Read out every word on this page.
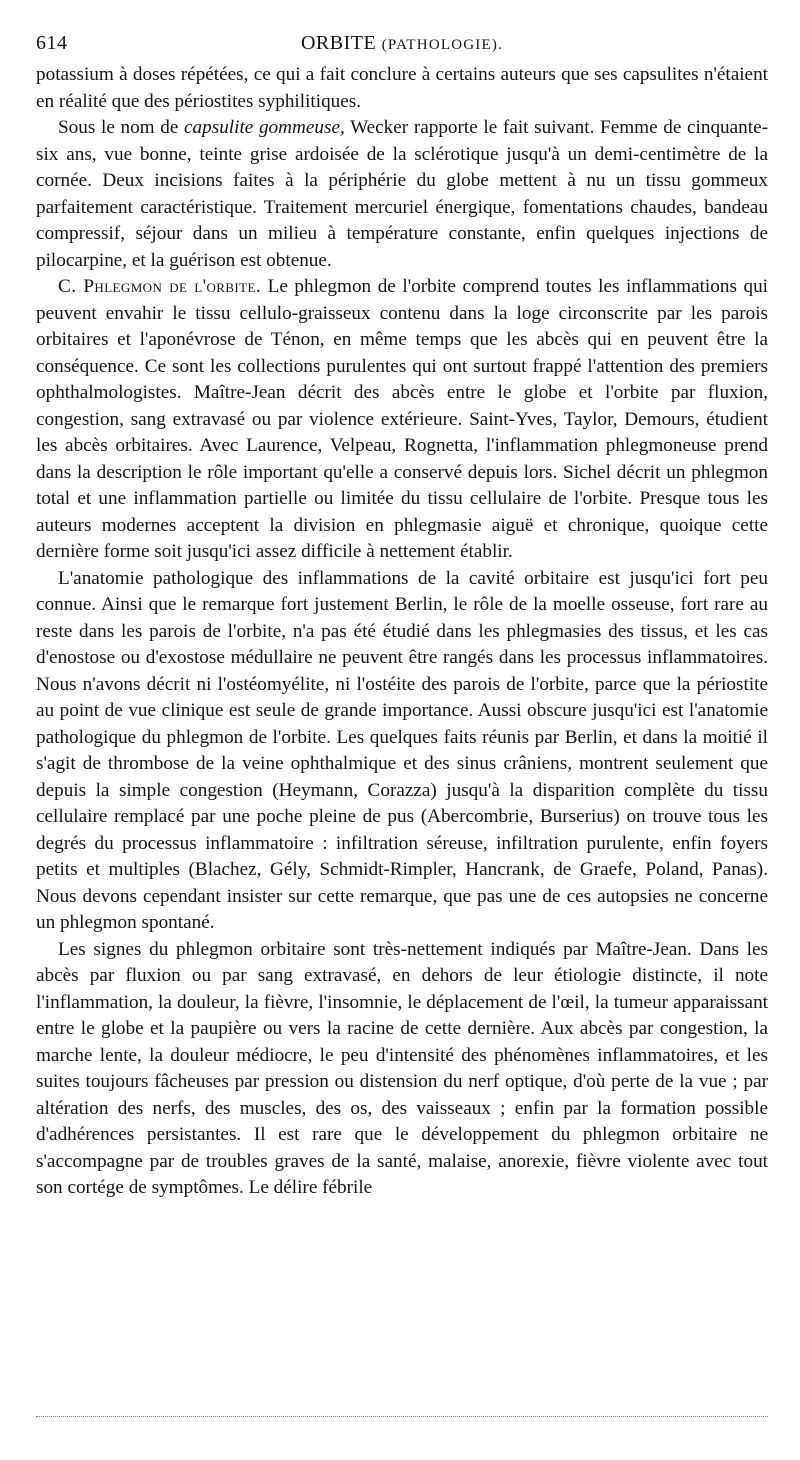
614	ORBITE (PATHOLOGIE).

potassium à doses répétées, ce qui a fait conclure à certains auteurs que ses capsulites n'étaient en réalité que des périostites syphilitiques.

Sous le nom de capsulite gommeuse, Wecker rapporte le fait suivant. Femme de cinquante-six ans, vue bonne, teinte grise ardoisée de la sclérotique jusqu'à un demi-centimètre de la cornée. Deux incisions faites à la périphérie du globe mettent à nu un tissu gommeux parfaitement caractéristique. Traitement mercuriel énergique, fomentations chaudes, bandeau compressif, séjour dans un milieu à température constante, enfin quelques injections de pilocarpine, et la guérison est obtenue.

C. Phlegmon de l'orbite. Le phlegmon de l'orbite comprend toutes les inflammations qui peuvent envahir le tissu cellulo-graisseux contenu dans la loge circonscrite par les parois orbitaires et l'aponévrose de Ténon, en même temps que les abcès qui en peuvent être la conséquence. Ce sont les collections purulentes qui ont surtout frappé l'attention des premiers ophthalmologistes. Maître-Jean décrit des abcès entre le globe et l'orbite par fluxion, congestion, sang extravasé ou par violence extérieure. Saint-Yves, Taylor, Demours, étudient les abcès orbitaires. Avec Laurence, Velpeau, Rognetta, l'inflammation phlegmoneuse prend dans la description le rôle important qu'elle a conservé depuis lors. Sichel décrit un phlegmon total et une inflammation partielle ou limitée du tissu cellulaire de l'orbite. Presque tous les auteurs modernes acceptent la division en phlegmasie aiguë et chronique, quoique cette dernière forme soit jusqu'ici assez difficile à nettement établir.

L'anatomie pathologique des inflammations de la cavité orbitaire est jusqu'ici fort peu connue. Ainsi que le remarque fort justement Berlin, le rôle de la moelle osseuse, fort rare au reste dans les parois de l'orbite, n'a pas été étudié dans les phlegmasies des tissus, et les cas d'enostose ou d'exostose médullaire ne peuvent être rangés dans les processus inflammatoires. Nous n'avons décrit ni l'ostéomyélite, ni l'ostéite des parois de l'orbite, parce que la périostite au point de vue clinique est seule de grande importance. Aussi obscure jusqu'ici est l'anatomie pathologique du phlegmon de l'orbite. Les quelques faits réunis par Berlin, et dans la moitié il s'agit de thrombose de la veine ophthalmique et des sinus crâniens, montrent seulement que depuis la simple congestion (Heymann, Corazza) jusqu'à la disparition complète du tissu cellulaire remplacé par une poche pleine de pus (Abercombrie, Burserius) on trouve tous les degrés du processus inflammatoire : infiltration séreuse, infiltration purulente, enfin foyers petits et multiples (Blachez, Gély, Schmidt-Rimpler, Hancrank, de Graefe, Poland, Panas). Nous devons cependant insister sur cette remarque, que pas une de ces autopsies ne concerne un phlegmon spontané.

Les signes du phlegmon orbitaire sont très-nettement indiqués par Maître-Jean. Dans les abcès par fluxion ou par sang extravasé, en dehors de leur étiologie distincte, il note l'inflammation, la douleur, la fièvre, l'insomnie, le déplacement de l'œil, la tumeur apparaissant entre le globe et la paupière ou vers la racine de cette dernière. Aux abcès par congestion, la marche lente, la douleur médiocre, le peu d'intensité des phénomènes inflammatoires, et les suites toujours fâcheuses par pression ou distension du nerf optique, d'où perte de la vue ; par altération des nerfs, des muscles, des os, des vaisseaux ; enfin par la formation possible d'adhérences persistantes. Il est rare que le développement du phlegmon orbitaire ne s'accompagne par de troubles graves de la santé, malaise, anorexie, fièvre violente avec tout son cortége de symptômes. Le délire fébrile
